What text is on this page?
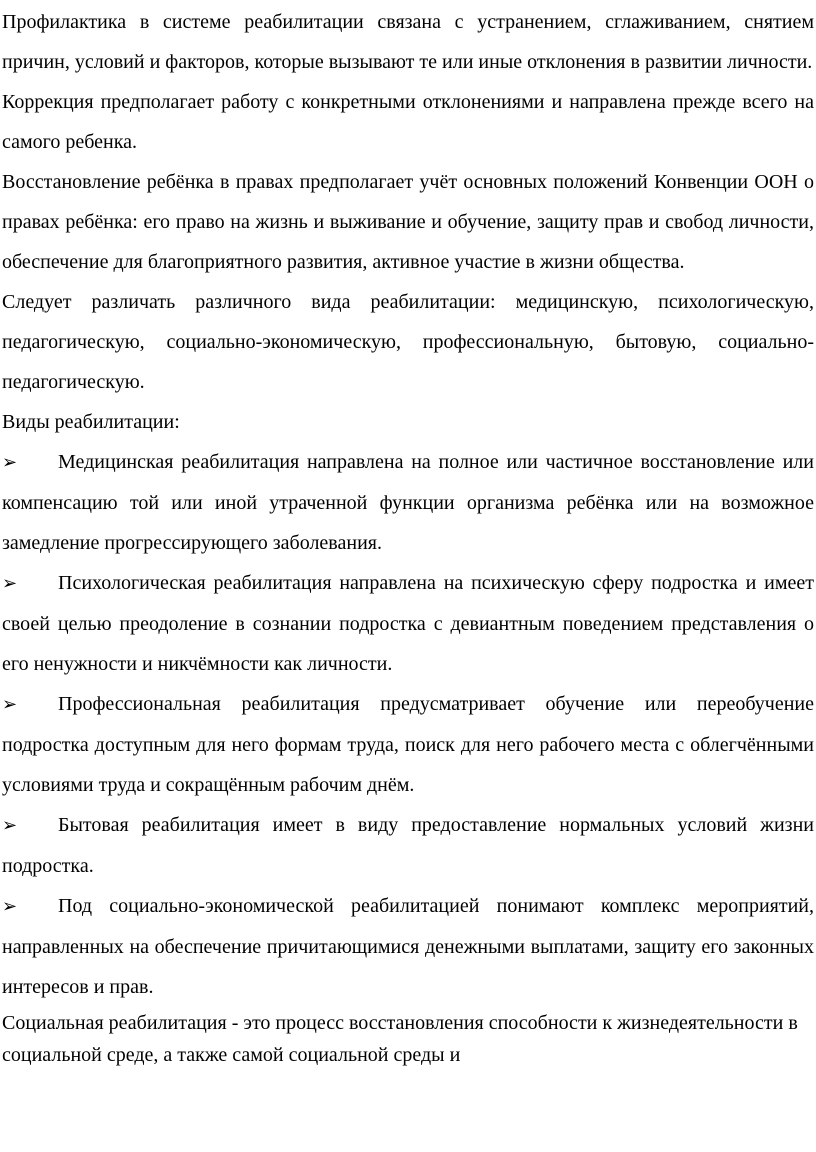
Профилактика в системе реабилитации связана с устранением, сглаживанием, снятием причин, условий и факторов, которые вызывают те или иные отклонения в развитии личности.

Коррекция предполагает работу с конкретными отклонениями и направлена прежде всего на самого ребенка.

Восстановление ребёнка в правах предполагает учёт основных положений Конвенции ООН о правах ребёнка: его право на жизнь и выживание и обучение, защиту прав и свобод личности, обеспечение для благоприятного развития, активное участие в жизни общества.

Следует различать различного вида реабилитации: медицинскую, психологическую, педагогическую, социально-экономическую, профессиональную, бытовую, социально- педагогическую.

Виды реабилитации:

➢ Медицинская реабилитация направлена на полное или частичное восстановление или компенсацию той или иной утраченной функции организма ребёнка или на возможное замедление прогрессирующего заболевания.

➢ Психологическая реабилитация направлена на психическую сферу подростка и имеет своей целью преодоление в сознании подростка с девиантным поведением представления о его ненужности и никчёмности как личности.

➢ Профессиональная реабилитация предусматривает обучение или переобучение подростка доступным для него формам труда, поиск для него рабочего места с облегчёнными условиями труда и сокращённым рабочим днём.

➢ Бытовая реабилитация имеет в виду предоставление нормальных условий жизни подростка.

➢ Под социально-экономической реабилитацией понимают комплекс мероприятий, направленных на обеспечение причитающимися денежными выплатами, защиту его законных интересов и прав.

Социальная реабилитация - это процесс восстановления способности к жизнедеятельности в социальной среде, а также самой социальной среды и
